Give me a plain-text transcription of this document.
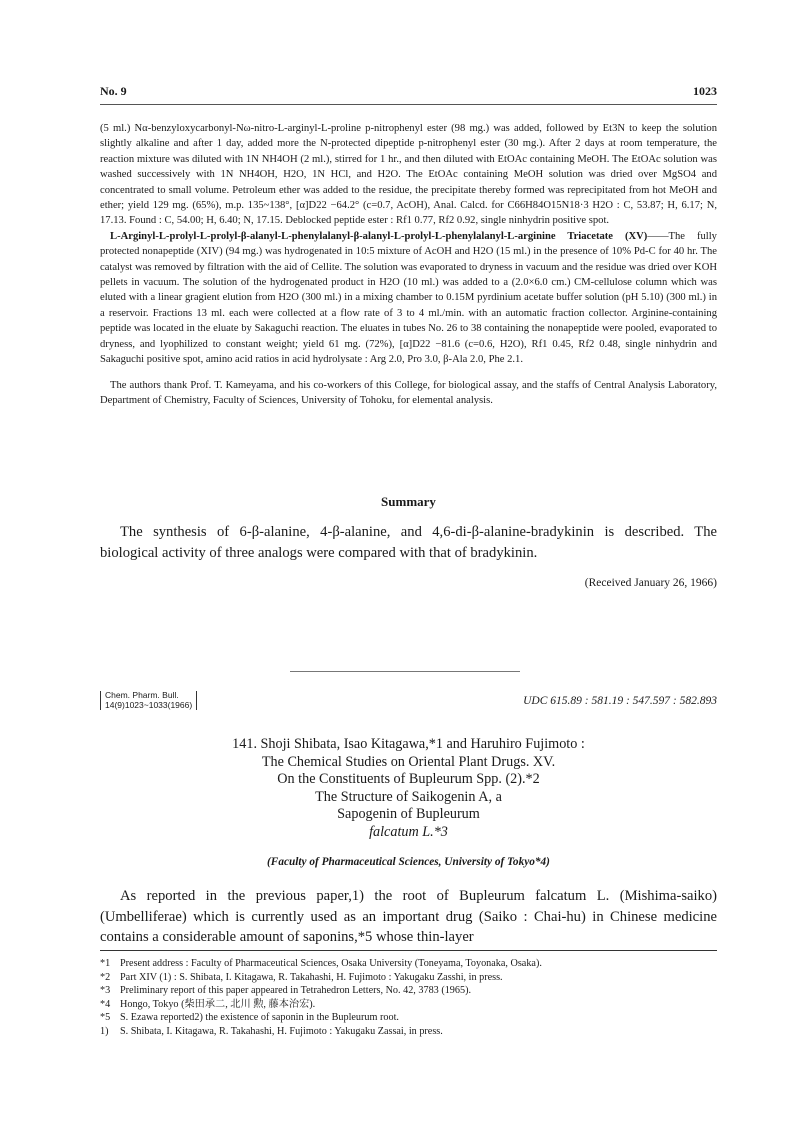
No. 9	1023

(5 ml.) Nα-benzyloxycarbonyl-Nω-nitro-L-arginyl-L-proline p-nitrophenyl ester (98 mg.) was added, followed by Et3N to keep the solution slightly alkaline and after 1 day, added more the N-protected dipeptide p-nitrophenyl ester (30 mg.). After 2 days at room temperature, the reaction mixture was diluted with 1N NH4OH (2 ml.), stirred for 1 hr., and then diluted with EtOAc containing MeOH. The EtOAc solution was washed successively with 1N NH4OH, H2O, 1N HCl, and H2O. The EtOAc containing MeOH solution was dried over MgSO4 and concentrated to small volume. Petroleum ether was added to the residue, the precipitate thereby formed was reprecipitated from hot MeOH and ether; yield 129 mg. (65%), m.p. 135~138°, [α]D22 −64.2° (c=0.7, AcOH), Anal. Calcd. for C66H84O15N18·3 H2O : C, 53.87; H, 6.17; N, 17.13. Found : C, 54.00; H, 6.40; N, 17.15. Deblocked peptide ester : Rf1 0.77, Rf2 0.92, single ninhydrin positive spot.

L-Arginyl-L-prolyl-L-prolyl-β-alanyl-L-phenylalanyl-β-alanyl-L-prolyl-L-phenylalanyl-L-arginine Triacetate (XV)——The fully protected nonapeptide (XIV) (94 mg.) was hydrogenated in 10:5 mixture of AcOH and H2O (15 ml.) in the presence of 10% Pd-C for 40 hr. The catalyst was removed by filtration with the aid of Cellite. The solution was evaporated to dryness in vacuum and the residue was dried over KOH pellets in vacuum. The solution of the hydrogenated product in H2O (10 ml.) was added to a (2.0×6.0 cm.) CM-cellulose column which was eluted with a linear gragient elution from H2O (300 ml.) in a mixing chamber to 0.15M pyrdinium acetate buffer solution (pH 5.10) (300 ml.) in a reservoir. Fractions 13 ml. each were collected at a flow rate of 3 to 4 ml./min. with an automatic fraction collector. Arginine-containing peptide was located in the eluate by Sakaguchi reaction. The eluates in tubes No. 26 to 38 containing the nonapeptide were pooled, evaporated to dryness, and lyophilized to constant weight; yield 61 mg. (72%), [α]D22 −81.6 (c=0.6, H2O), Rf1 0.45, Rf2 0.48, single ninhydrin and Sakaguchi positive spot, amino acid ratios in acid hydrolysate : Arg 2.0, Pro 3.0, β-Ala 2.0, Phe 2.1.

The authors thank Prof. T. Kameyama, and his co-workers of this College, for biological assay, and the staffs of Central Analysis Laboratory, Department of Chemistry, Faculty of Sciences, University of Tohoku, for elemental analysis.

Summary

The synthesis of 6-β-alanine, 4-β-alanine, and 4,6-di-β-alanine-bradykinin is described. The biological activity of three analogs were compared with that of bradykinin.

(Received January 26, 1966)

Chem. Pharm. Bull.
14(9)1023~1033(1966)	UDC 615.89 : 581.19 : 547.597 : 582.893

141. Shoji Shibata, Isao Kitagawa,*1 and Haruhiro Fujimoto :

The Chemical Studies on Oriental Plant Drugs. XV.

On the Constituents of Bupleurum Spp. (2).*2

The Structure of Saikogenin A, a

Sapogenin of Bupleurum

falcatum L.*3

(Faculty of Pharmaceutical Sciences, University of Tokyo*4)

As reported in the previous paper,1) the root of Bupleurum falcatum L. (Mishima-saiko) (Umbelliferae) which is currently used as an important drug (Saiko : Chai-hu) in Chinese medicine contains a considerable amount of saponins,*5 whose thin-layer

*1 Present address : Faculty of Pharmaceutical Sciences, Osaka University (Toneyama, Toyonaka, Osaka).

*2 Part XIV (1) : S. Shibata, I. Kitagawa, R. Takahashi, H. Fujimoto : Yakugaku Zasshi, in press.

*3 Preliminary report of this paper appeared in Tetrahedron Letters, No. 42, 3783 (1965).

*4 Hongo, Tokyo (柴田承二, 北川 勲, 藤本治宏).

*5 S. Ezawa reported2) the existence of saponin in the Bupleurum root.

1) S. Shibata, I. Kitagawa, R. Takahashi, H. Fujimoto : Yakugaku Zassai, in press.
